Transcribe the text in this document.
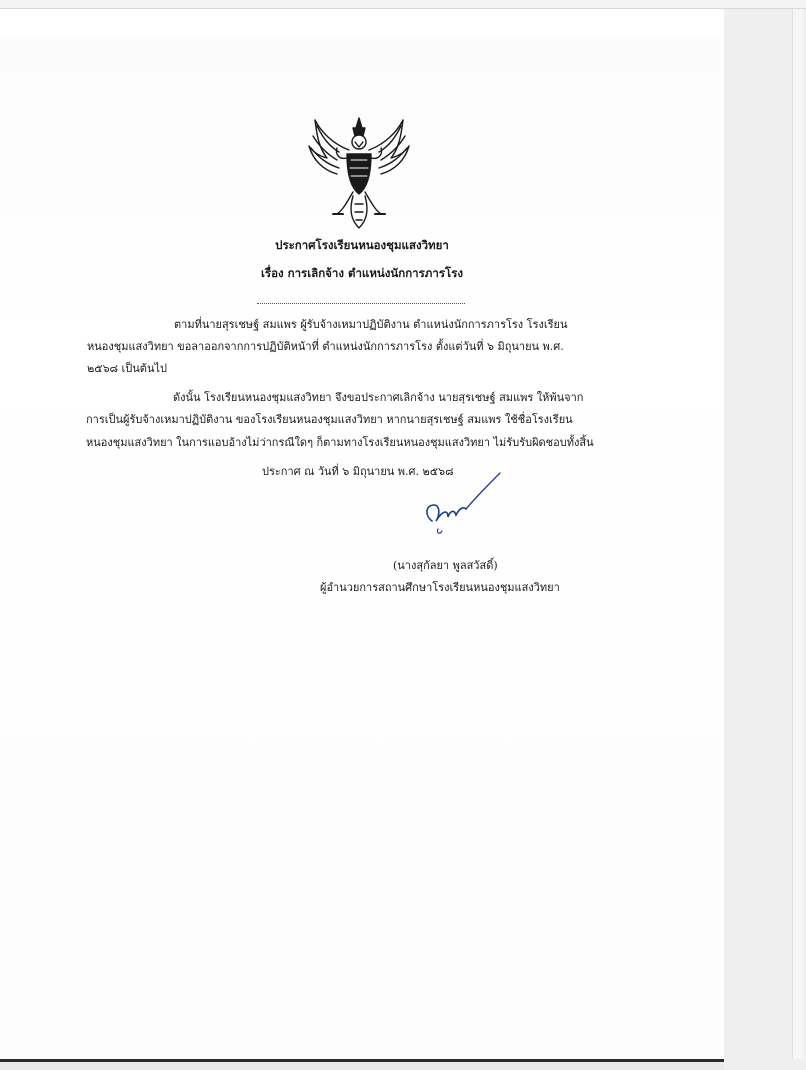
ประกาศโรงเรียนหนองชุมแสงวิทยา
เรื่อง การเลิกจ้าง ตำแหน่งนักการภารโรง
ตามที่นายสุรเชษฐ์ สมแพร ผู้รับจ้างเหมาปฏิบัติงาน ตำแหน่งนักการภารโรง โรงเรียน
หนองชุมแสงวิทยา ขอลาออกจากการปฏิบัติหน้าที่ ตำแหน่งนักการภารโรง ตั้งแต่วันที่ ๖ มิถุนายน พ.ศ.
๒๕๖๘ เป็นต้นไป
ดังนั้น โรงเรียนหนองชุมแสงวิทยา จึงขอประกาศเลิกจ้าง นายสุรเชษฐ์ สมแพร ให้พ้นจาก
การเป็นผู้รับจ้างเหมาปฏิบัติงาน ของโรงเรียนหนองชุมแสงวิทยา หากนายสุรเชษฐ์ สมแพร ใช้ชื่อโรงเรียน
หนองชุมแสงวิทยา ในการแอบอ้างไม่ว่ากรณีใดๆ ก็ตามทางโรงเรียนหนองชุมแสงวิทยา ไม่รับรับผิดชอบทั้งสิ้น
ประกาศ ณ วันที่ ๖ มิถุนายน พ.ศ. ๒๕๖๘
(นางสุกัลยา พูลสวัสดิ์)
ผู้อำนวยการสถานศึกษาโรงเรียนหนองชุมแสงวิทยา
